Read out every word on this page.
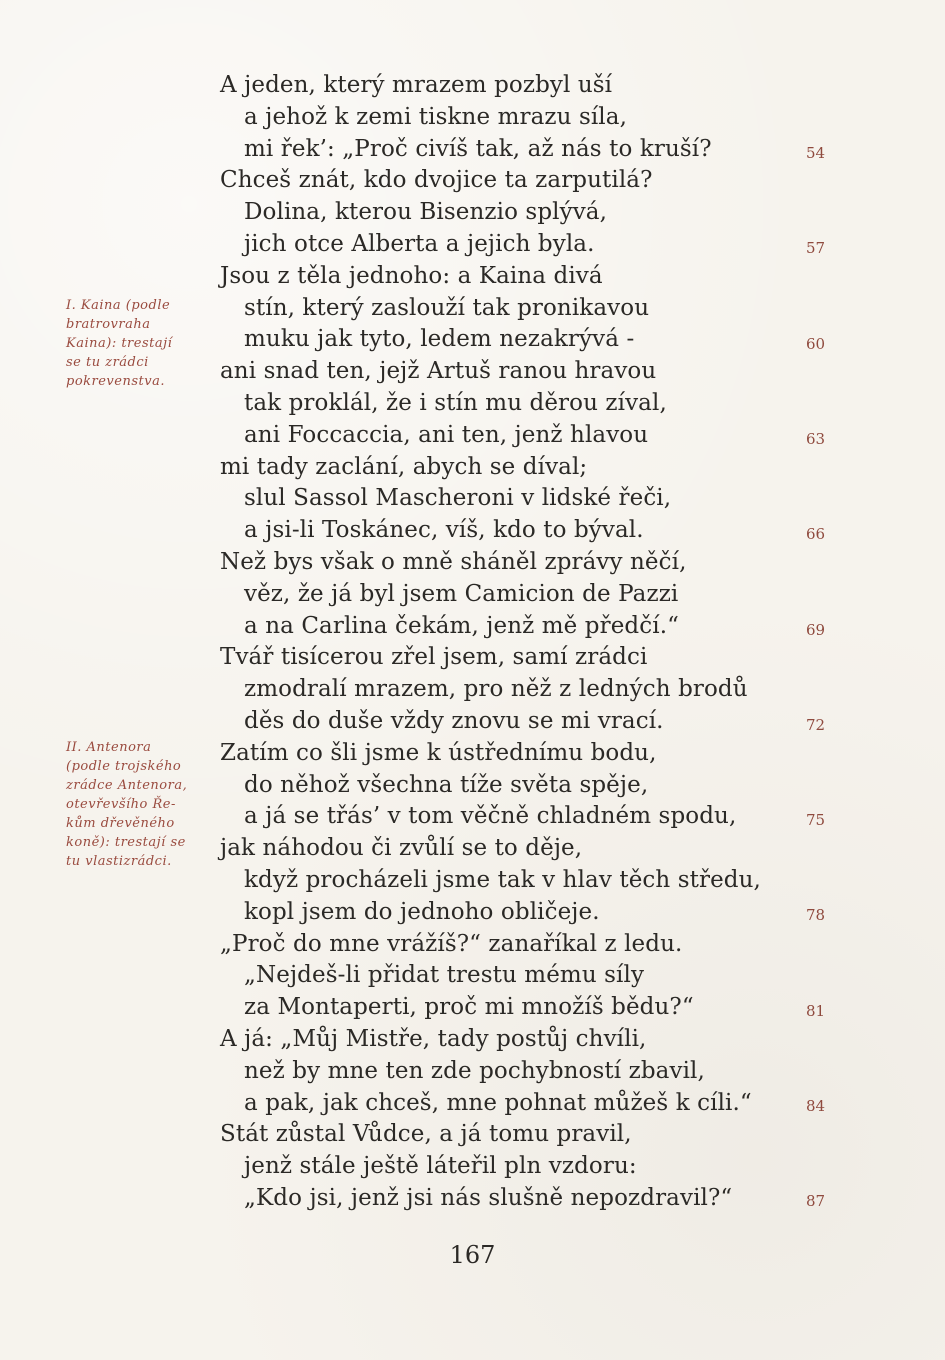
A jeden, který mrazem pozbyl uší
a jehož k zemi tiskne mrazu síla,
mi řek’: „Proč civíš tak, až nás to kruší?
Chceš znát, kdo dvojice ta zarputilá?
Dolina, kterou Bisenzio splývá,
jich otce Alberta a jejich byla.
Jsou z těla jednoho: a Kaina divá
stín, který zaslouží tak pronikavou
muku jak tyto, ledem nezakrývá -
ani snad ten, jejž Artuš ranou hravou
tak proklál, že i stín mu děrou zíval,
ani Foccaccia, ani ten, jenž hlavou
mi tady zaclání, abych se díval;
slul Sassol Mascheroni v lidské řeči,
a jsi-li Toskánec, víš, kdo to býval.
Než bys však o mně sháněl zprávy něčí,
věz, že já byl jsem Camicion de Pazzi
a na Carlina čekám, jenž mě předčí.“
Tvář tisícerou zřel jsem, samí zrádci
zmodralí mrazem, pro něž z ledných brodů
děs do duše vždy znovu se mi vrací.
Zatím co šli jsme k ústřednímu bodu,
do něhož všechna tíže světa spěje,
a já se třás’ v tom věčně chladném spodu,
jak náhodou či zvůlí se to děje,
když procházeli jsme tak v hlav těch středu,
kopl jsem do jednoho obličeje.
„Proč do mne vrážíš?“ zanaříkal z ledu.
„Nejdeš-li přidat trestu mému síly
za Montaperti, proč mi množíš bědu?“
A já: „Můj Mistře, tady postůj chvíli,
než by mne ten zde pochybností zbavil,
a pak, jak chceš, mne pohnat můžeš k cíli.“
Stát zůstal Vůdce, a já tomu pravil,
jenž stále ještě láteřil pln vzdoru:
„Kdo jsi, jenž jsi nás slušně nepozdravil?“
54
57
60
63
66
69
72
75
78
81
84
87
I. Kaina (podle
bratrovraha
Kaina): trestají
se tu zrádci
pokrevenstva.
II. Antenora
(podle trojského
zrádce Antenora,
otevřevšího Ře-
kům dřevěného
koně): trestají se
tu vlastizrádci.
167
